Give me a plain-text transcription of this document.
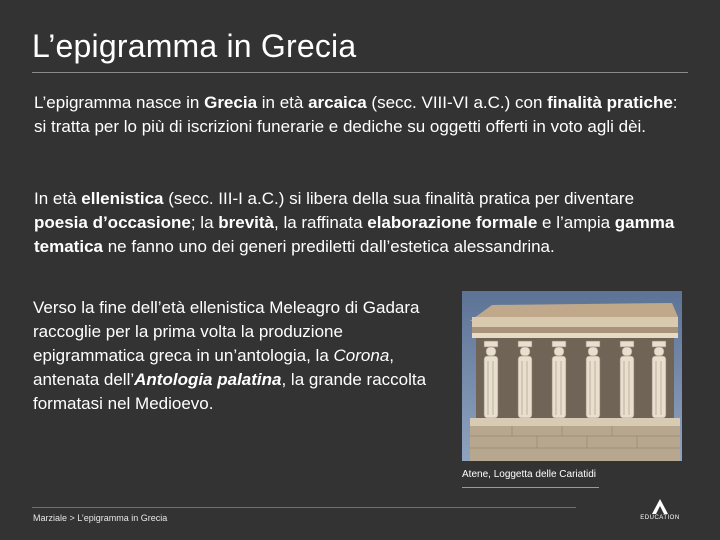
L’epigramma in Grecia

L’epigramma nasce in Grecia in età arcaica (secc. VIII-VI a.C.) con finalità pratiche: si tratta per lo più di iscrizioni funerarie e dediche su oggetti offerti in voto agli dèi.

In età ellenistica (secc. III-I a.C.) si libera della sua finalità pratica per diventare poesia d’occasione; la brevità, la raffinata elaborazione formale e l’ampia gamma tematica ne fanno uno dei generi prediletti dall’estetica alessandrina.

Verso la fine dell’età ellenistica Meleagro di Gadara raccoglie per la prima volta la produzione epigrammatica greca in un’antologia, la Corona, antenata dell’Antologia palatina, la grande raccolta formatasi nel Medioevo.

Atene, Loggetta delle Cariatidi
Marziale > L’epigramma in Grecia	EDUCATION
